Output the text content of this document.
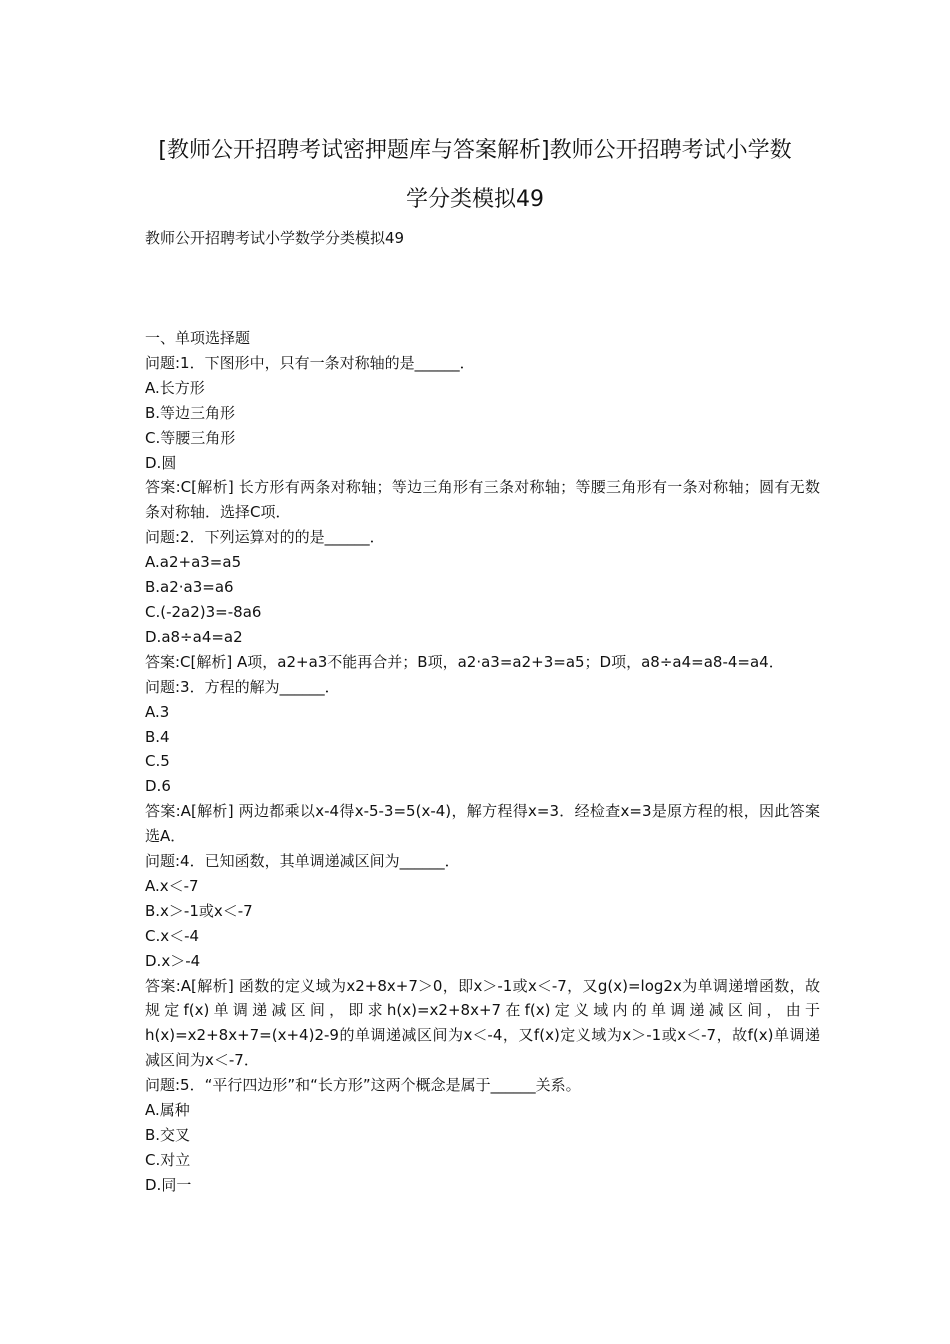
[教师公开招聘考试密押题库与答案解析]教师公开招聘考试小学数
学分类模拟49

教师公开招聘考试小学数学分类模拟49

一、单项选择题

问题:1．下图形中，只有一条对称轴的是______．

A.长方形

B.等边三角形

C.等腰三角形

D.圆

答案:C[解析] 长方形有两条对称轴；等边三角形有三条对称轴；等腰三角形有一条对称轴；圆有无数条对称轴．选择C项．

问题:2．下列运算对的的是______．

A.a2+a3=a5

B.a2·a3=a6

C.(-2a2)3=-8a6

D.a8÷a4=a2

答案:C[解析] A项，a2+a3不能再合并；B项，a2·a3=a2+3=a5；D项，a8÷a4=a8-4=a4．

问题:3．方程的解为______．

A.3

B.4

C.5

D.6

答案:A[解析] 两边都乘以x-4得x-5-3=5(x-4)，解方程得x=3．经检查x=3是原方程的根，因此答案选A．

问题:4．已知函数，其单调递减区间为______．

A.x＜-7

B.x＞-1或x＜-7

C.x＜-4

D.x＞-4

答案:A[解析] 函数的定义域为x2+8x+7＞0，即x＞-1或x＜-7，又g(x)=log2x为单调递增函数，故规定f(x)单调递减区间，即求h(x)=x2+8x+7在f(x)定义域内的单调递减区间，由于h(x)=x2+8x+7=(x+4)2-9的单调递减区间为x＜-4，又f(x)定义域为x＞-1或x＜-7，故f(x)单调递减区间为x＜-7．

问题:5．“平行四边形”和“长方形”这两个概念是属于______关系。

A.属种

B.交叉

C.对立

D.同一
